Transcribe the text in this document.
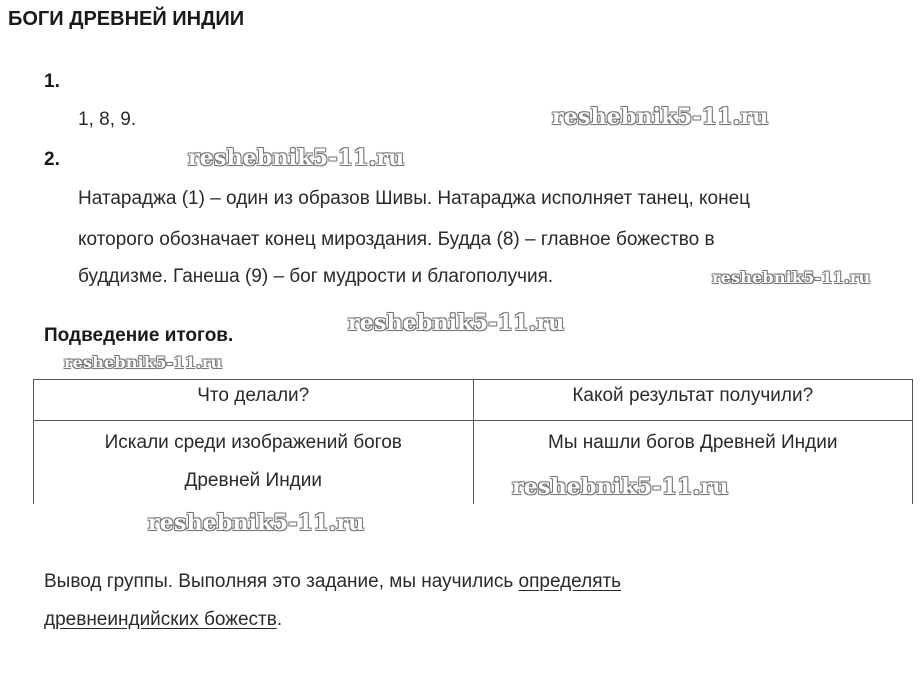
БОГИ ДРЕВНЕЙ ИНДИИ
1.
1, 8, 9.
2.
Натараджа (1) – один из образов Шивы. Натараджа исполняет танец, конец
которого обозначает конец мироздания. Будда (8) – главное божество в
буддизме. Ганеша (9) – бог мудрости и благополучия.
Подведение итогов.
Что делали?	Какой результат получили?

Искали среди изображений богов
Древней Индии	Мы нашли богов Древней Индии
Вывод группы. Выполняя это задание, мы научились определять
древнеиндийских божеств.
reshebnik5-11.ru
reshebnik5-11.ru
reshebnik5-11.ru
reshebnik5-11.ru
reshebnik5-11.ru
reshebnik5-11.ru
reshebnik5-11.ru
